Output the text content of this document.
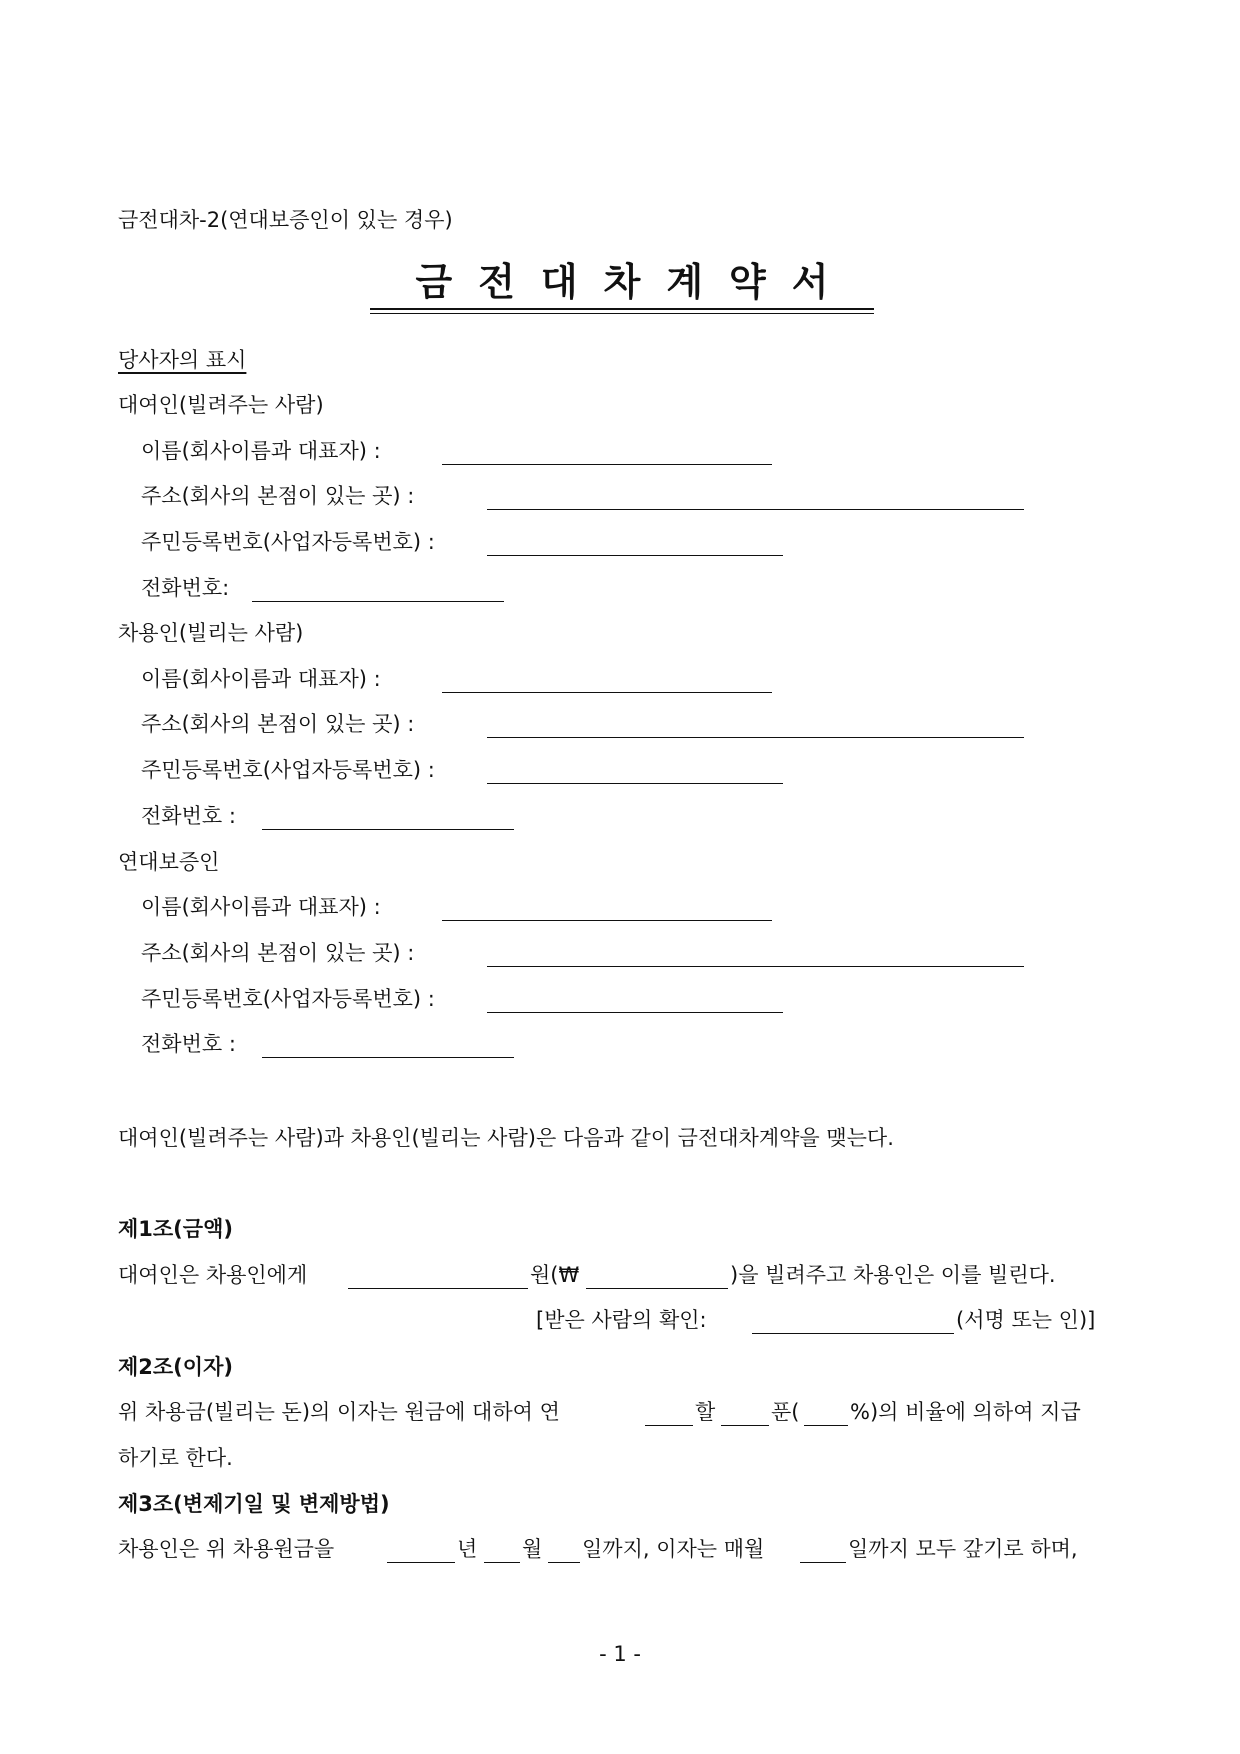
금전대차-2(연대보증인이 있는 경우)
금전대차계약서
당사자의 표시
대여인(빌려주는 사람)
이름(회사이름과 대표자) :
주소(회사의 본점이 있는 곳) :
주민등록번호(사업자등록번호) :
전화번호:
차용인(빌리는 사람)
이름(회사이름과 대표자) :
주소(회사의 본점이 있는 곳) :
주민등록번호(사업자등록번호) :
전화번호 :
연대보증인
이름(회사이름과 대표자) :
주소(회사의 본점이 있는 곳) :
주민등록번호(사업자등록번호) :
전화번호 :
대여인(빌려주는 사람)과 차용인(빌리는 사람)은 다음과 같이 금전대차계약을 맺는다.
제1조(금액)
대여인은 차용인에게	원(₩	)을 빌려주고 차용인은 이를 빌린다.
[받은 사람의 확인:	(서명 또는 인)]
제2조(이자)
위 차용금(빌리는 돈)의 이자는 원금에 대하여 연	할	푼( %)의 비율에 의하여 지급
하기로 한다.
제3조(변제기일 및 변제방법)
차용인은 위 차용원금을	년 월 일까지, 이자는 매월	일까지 모두 갚기로 하며,
- 1 -
